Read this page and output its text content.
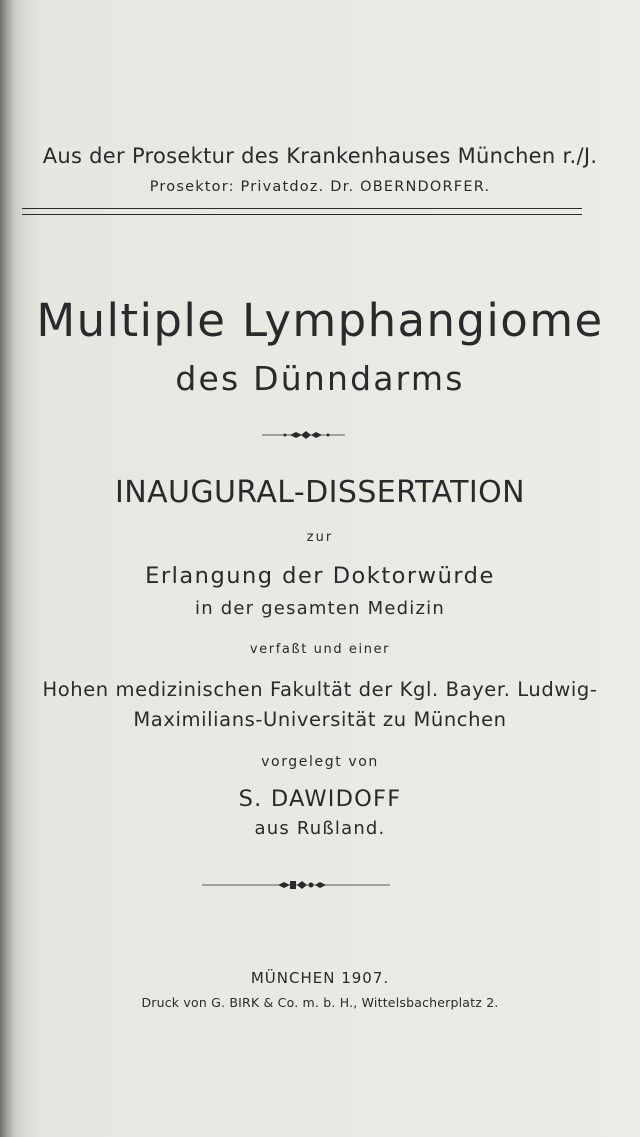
Aus der Prosektur des Krankenhauses München r./J.

Prosektor: Privatdoz. Dr. OBERNDORFER.

Multiple Lymphangiome

des Dünndarms

INAUGURAL-DISSERTATION

zur

Erlangung der Doktorwürde

in der gesamten Medizin

verfaßt und einer

Hohen medizinischen Fakultät der Kgl. Bayer. Ludwig-

Maximilians-Universität zu München

vorgelegt von

S. DAWIDOFF

aus Rußland.

MÜNCHEN 1907.

Druck von G. BIRK & Co. m. b. H., Wittelsbacherplatz 2.
